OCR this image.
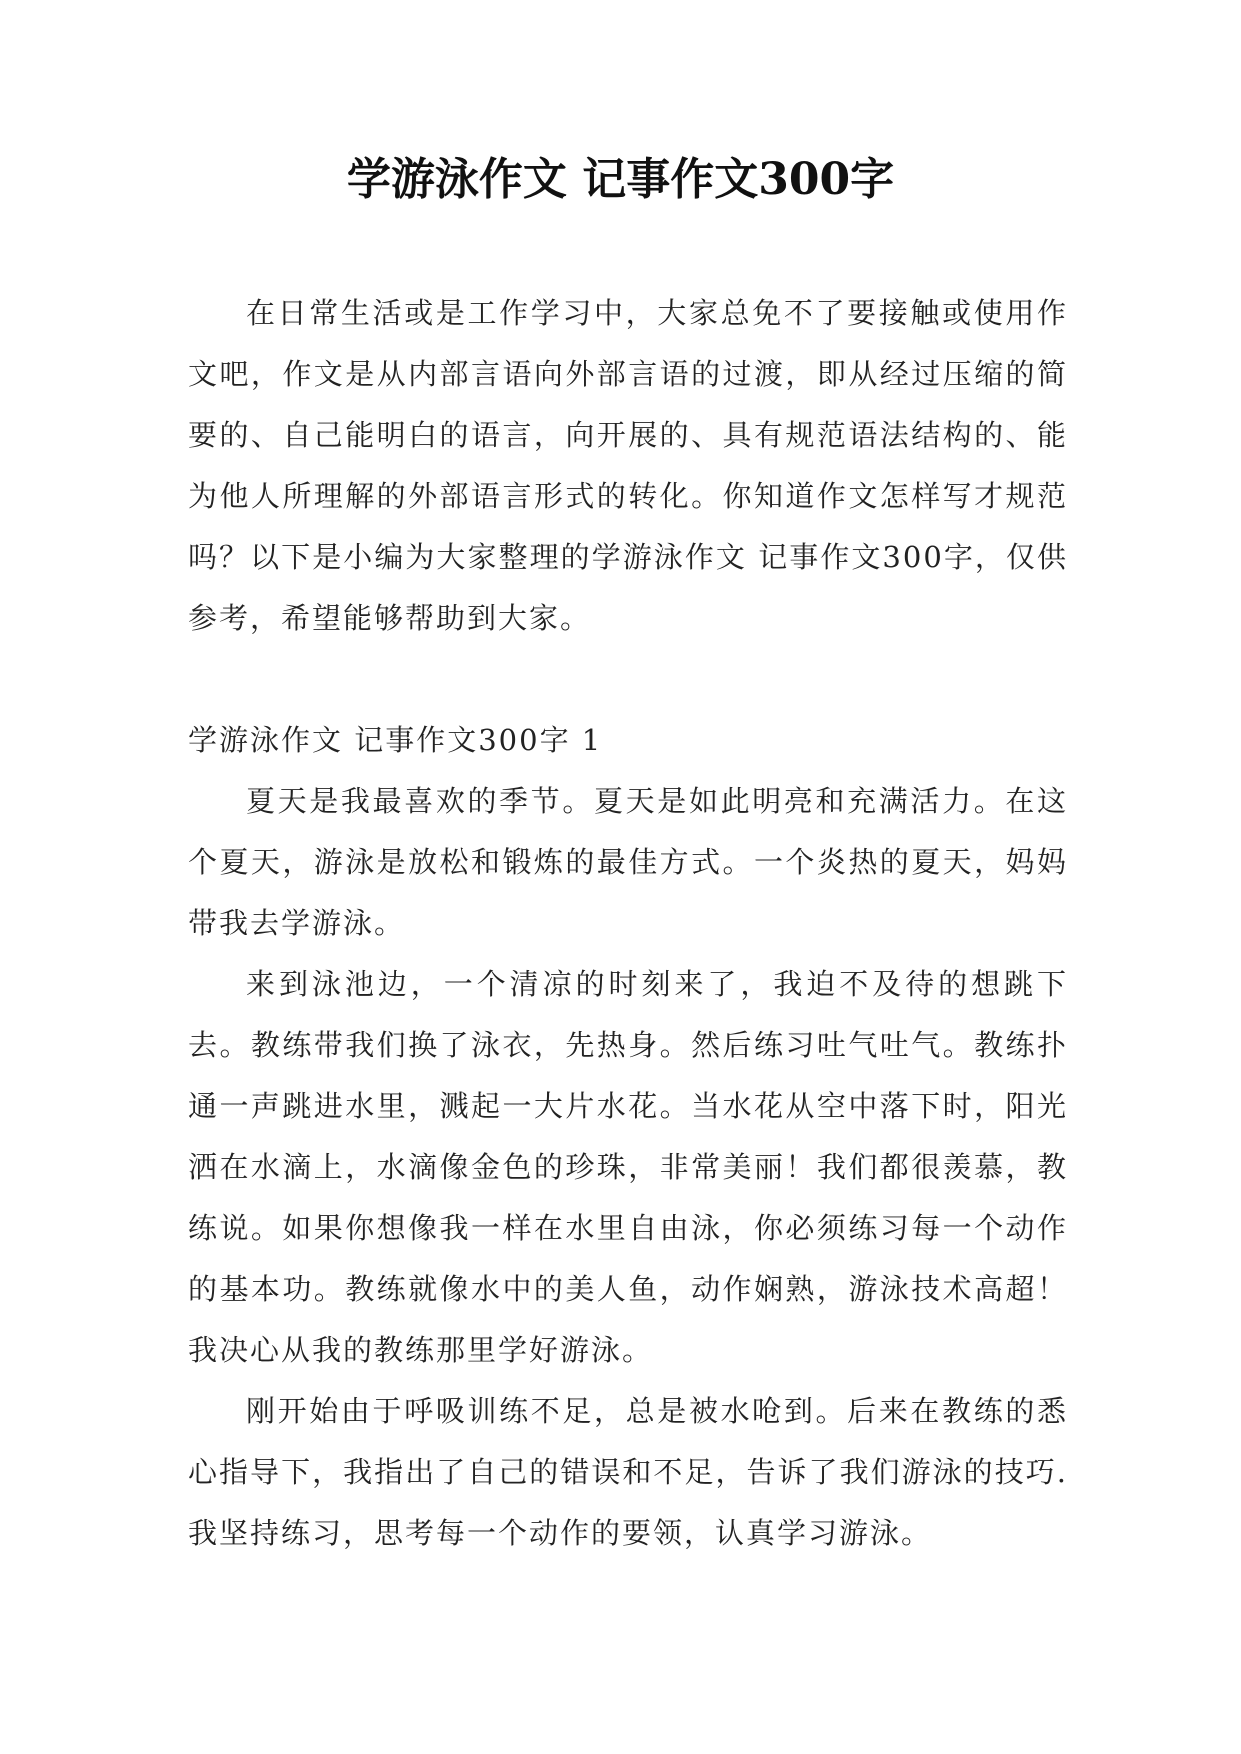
学游泳作文 记事作文300字

在日常生活或是工作学习中，大家总免不了要接触或使用作文吧，作文是从内部言语向外部言语的过渡，即从经过压缩的简要的、自己能明白的语言，向开展的、具有规范语法结构的、能为他人所理解的外部语言形式的转化。你知道作文怎样写才规范吗？以下是小编为大家整理的学游泳作文 记事作文300字，仅供参考，希望能够帮助到大家。

学游泳作文 记事作文300字 1

夏天是我最喜欢的季节。夏天是如此明亮和充满活力。在这个夏天，游泳是放松和锻炼的最佳方式。一个炎热的夏天，妈妈带我去学游泳。

来到泳池边，一个清凉的时刻来了，我迫不及待的想跳下去。教练带我们换了泳衣，先热身。然后练习吐气吐气。教练扑通一声跳进水里，溅起一大片水花。当水花从空中落下时，阳光洒在水滴上，水滴像金色的珍珠，非常美丽！我们都很羡慕，教练说。如果你想像我一样在水里自由泳，你必须练习每一个动作的基本功。教练就像水中的美人鱼，动作娴熟，游泳技术高超！我决心从我的教练那里学好游泳。

刚开始由于呼吸训练不足，总是被水呛到。后来在教练的悉心指导下，我指出了自己的错误和不足，告诉了我们游泳的技巧.我坚持练习，思考每一个动作的要领，认真学习游泳。
